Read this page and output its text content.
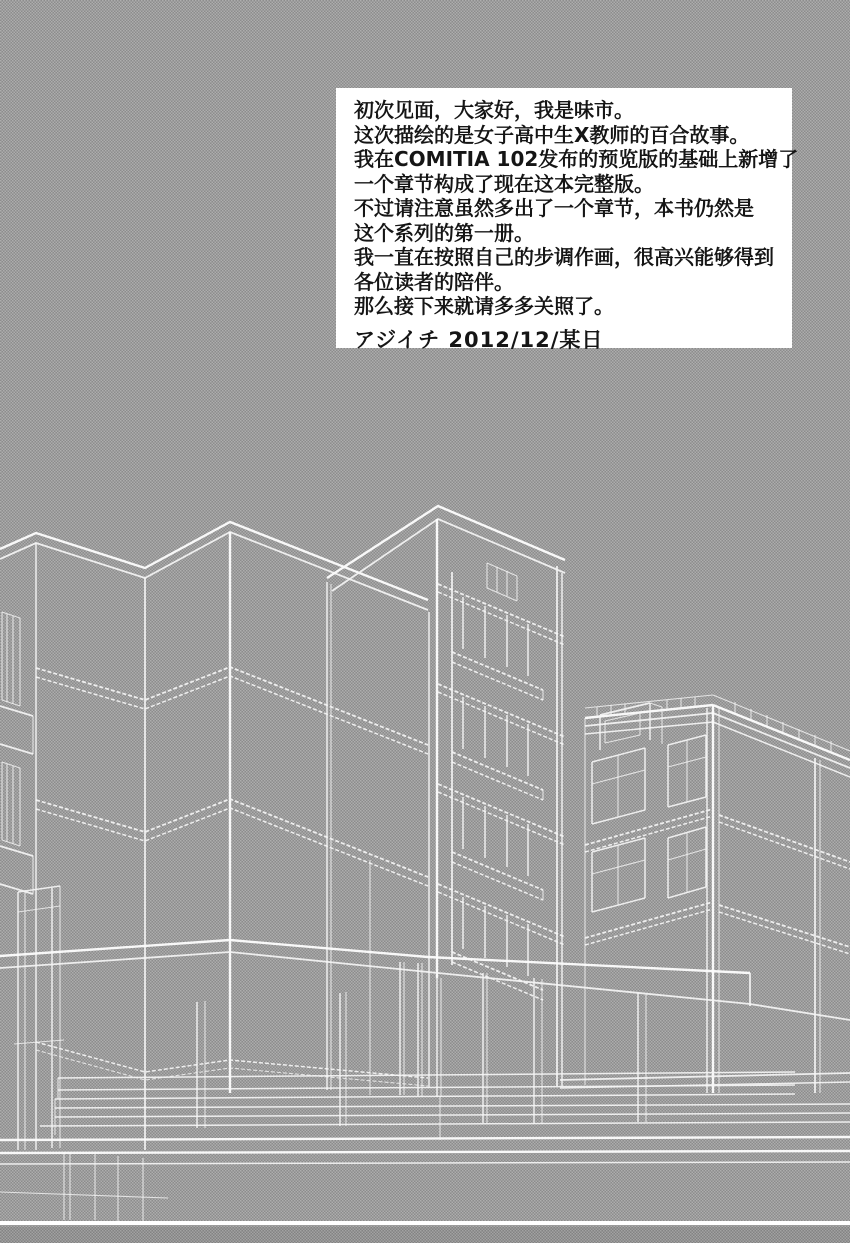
初次见面，大家好，我是味市。
这次描绘的是女子高中生X教师的百合故事。
我在COMITIA 102发布的预览版的基础上新增了
一个章节构成了现在这本完整版。
不过请注意虽然多出了一个章节，本书仍然是
这个系列的第一册。
我一直在按照自己的步调作画，很高兴能够得到
各位读者的陪伴。
那么接下来就请多多关照了。
アジイチ 2012/12/某日
